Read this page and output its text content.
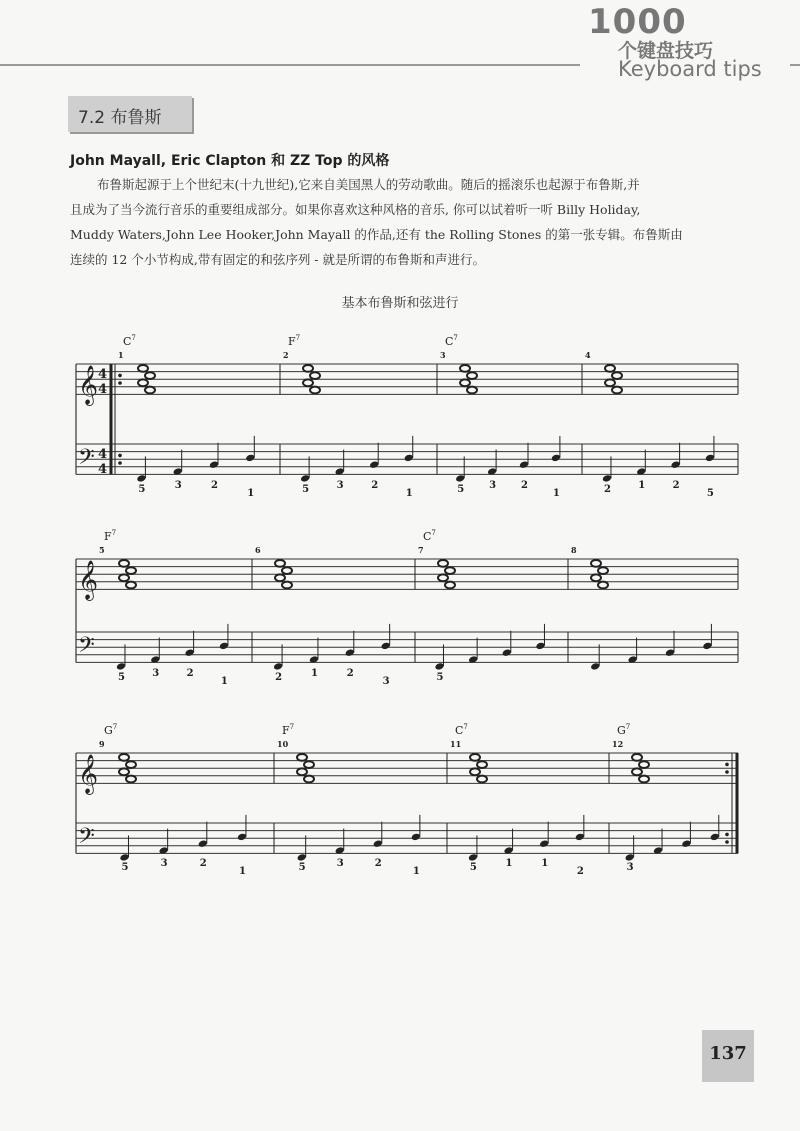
1000
个键盘技巧
Keyboard tips
7.2 布鲁斯
John Mayall, Eric Clapton 和 ZZ Top 的风格

布鲁斯起源于上个世纪末(十九世纪),它来自美国黑人的劳动歌曲。随后的摇滚乐也起源于布鲁斯,并

且成为了当今流行音乐的重要组成部分。如果你喜欢这种风格的音乐, 你可以试着听一听 Billy Holiday,

Muddy Waters,John Lee Hooker,John Mayall 的作品,还有 the Rolling Stones 的第一张专辑。布鲁斯由

连续的 12 个小节构成,带有固定的和弦序列 - 就是所谓的布鲁斯和声进行。

基本布鲁斯和弦进行
𝄞
𝄢
4
4
4
4
1
$C^7$
5	3	2
1
2
$F^7$
5	3	2
1
3
$C^7$
5 3 2
1
4
2	1	2
5
𝄞
𝄢
5
$F^7$
5	3	2
1
6
2	1	2
3
7
$C^7$
5
8
𝄞
𝄢
9
$G^7$
5	3	2
1
10
$F^7$
5	3	2
1
11
$C^7$
5	1	1
2
12
$G^7$
3
137
